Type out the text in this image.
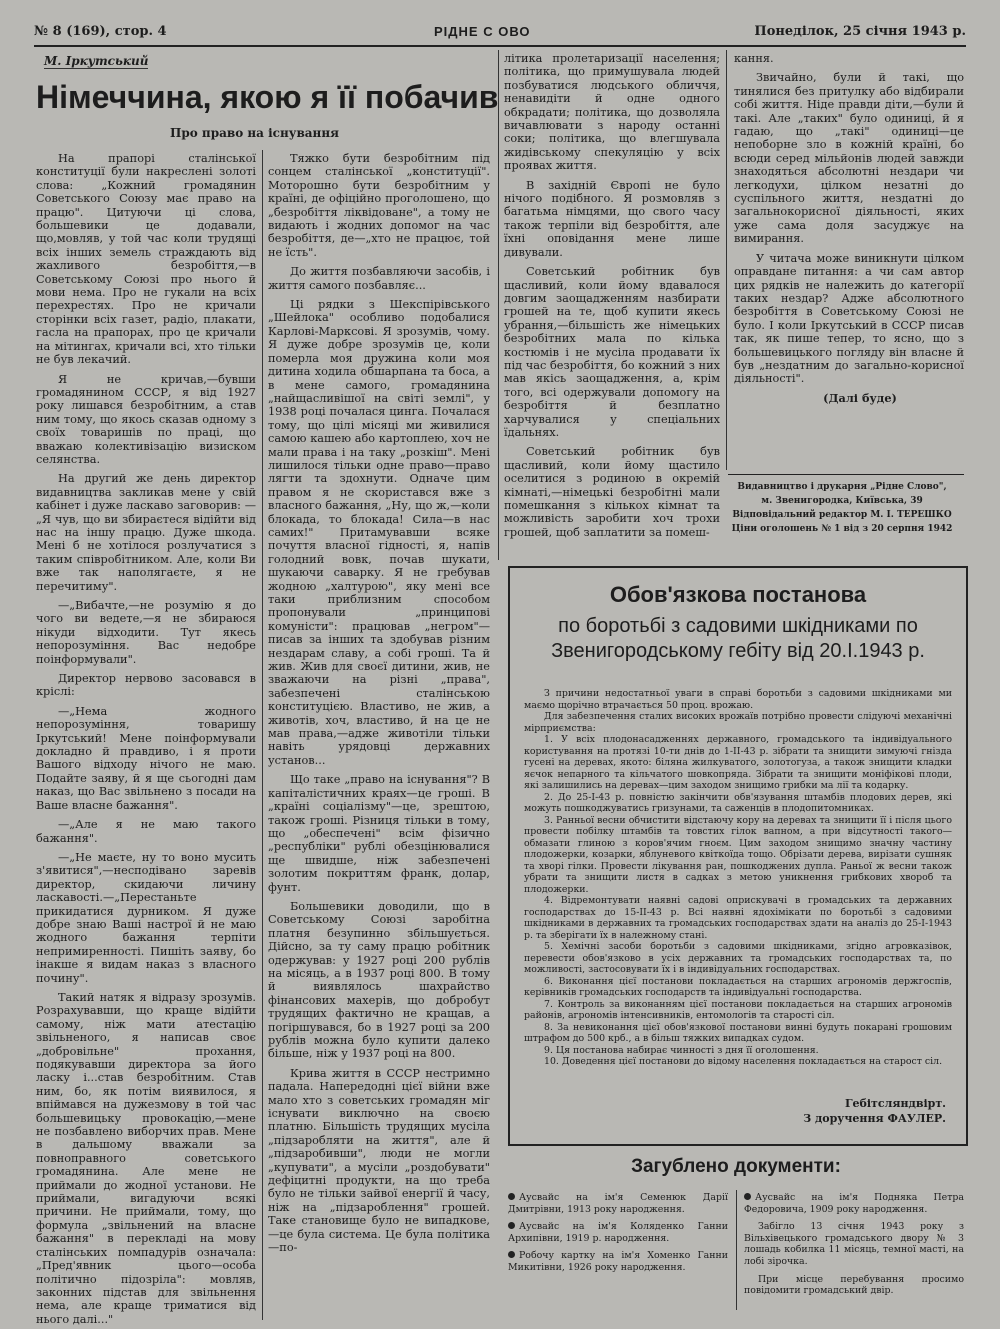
№ 8 (169), стор. 4	РІДНЕ С ОВО	Понеділок, 25 січня 1943 р.
М. Іркутський
Німеччина, якою я її побачив
Про право на існування

На прапорі сталінської конституції були накреслені золоті слова: „Кожний громадянин Советського Союзу має право на працю". Цитуючи ці слова, большевики це додавали, що,мовляв, у той час коли трудящі всіх інших земель страждають від жахливого безробіття,—в Советському Союзі про нього й мови нема. Про не гукали на всіх перехрестях. Про не кричали сторінки всіх газет, радіо, плакати, гасла на прапорах, про це кричали на мітингах, кричали всі, хто тільки не був лекачий.

Я не кричав,—бувши громадянином СССР, я від 1927 року лишався безробітним, а став ним тому, що якось сказав одному з своїх товаришів по праці, що вважаю колективізацію визиском селянства.

На другий же день директор видавництва закликав мене у свій кабінет і дуже ласкаво заговорив: —„Я чув, що ви збираєтеся відійти від нас на іншу працю. Дуже шкода. Мені б не хотілося розлучатися з таким співробітником. Але, коли Ви вже так наполягаєте, я не перечитиму".

—„Вибачте,—не розумію я до чого ви ведете,—я не збираюся нікуди відходити. Тут якесь непорозуміння. Вас недобре поінформували".

Директор нервово засовався в кріслі:

—„Нема жодного непорозуміння, товаришу Іркутський! Мене поінформували докладно й правдиво, і я проти Вашого відходу нічого не маю. Подайте заяву, й я ще сьогодні дам наказ, що Вас звільнено з посади на Ваше власне бажання".

—„Але я не маю такого бажання".

—„Не маєте, ну то воно мусить з'явитися",—несподівано заревів директор, скидаючи личину ласкавості.—„Перестаньте прикидатися дурником. Я дуже добре знаю Ваші настрої й не маю жодного бажання терпіти непримиренності. Пишіть заяву, бо інакше я видам наказ з власного почину".

Такий натяк я відразу зрозумів. Розрахувавши, що краще відійти самому, ніж мати атестацію звільненого, я написав своє „добровільне" прохання, подякувавши директора за його ласку і...став безробітним. Став ним, бо, як потім виявилося, я впіймався на дужезмову в той час большевицьку провокацію,—мене не позбавлено виборчих прав. Мене в дальшому вважали за повноправного советського громадянина. Але мене не приймали до жодної установи. Не приймали, вигадуючи всякі причини. Не приймали, тому, що формула „звільнений на власне бажання" в перекладі на мову сталінських помпадурів означала: „Пред'явник цього—особа політично підозріла": мовляв, законних підстав для звільнення нема, але краще триматися від нього далі..."

Тяжко бути безробітним під сонцем сталінської „конституції". Моторошно бути безробітним у країні, де офіційно проголошено, що „безробіття ліквідоване", а тому не видають і жодних допомог на час безробіття, де—„хто не працює, той не їсть".

До життя позбавляючи засобів, і життя самого позбавляє...

Ці рядки з Шекспірівського „Шейлока" особливо подобалися Карлові-Марксові. Я зрозумів, чому. Я дуже добре зрозумів це, коли померла моя дружина коли моя дитина ходила обшарпана та боса, а в мене самого, громадянина „найщасливішої на світі землі", у 1938 році почалася цинга. Почалася тому, що цілі місяці ми живилися самою кашею або картоплею, хоч не мали права і на таку „розкіш". Мені лишилося тільки одне право—право лягти та здохнути. Одначе цим правом я не скористався вже з власного бажання, „Ну, що ж,—коли блокада, то блокада! Сила—в нас самих!" Притамувавши всяке почуття власної гідності, я, напів голодний вовк, почав шукати, шукаючи саварку. Я не гребував жодною „халтурою", яку мені все таки приблизним способом пропонували „принципові комуністи": працював „негром"—писав за інших та здобував різним нездарам славу, а собі гроші. Та й жив. Жив для своєї дитини, жив, не зважаючи на різні „права", забезпечені сталінською конституцією. Властиво, не жив, а животів, хоч, властиво, й на це не мав права,—адже животіли тільки навіть урядовці державних установ...

Що таке „право на існування"? В капіталістичних краях—це гроші. В „країні соціалізму"—це, зрештою, також гроші. Різниця тільки в тому, що „обеспечені" всім фізично „республіки" рублі обезцінювалися ще швидше, ніж забезпечені золотим покриттям франк, долар, фунт.

Большевики доводили, що в Советському Союзі заробітна платня безупинно збільшується. Дійсно, за ту саму працю робітник одержував: у 1927 році 200 рублів на місяць, а в 1937 році 800. В тому й виявлялось шахрайство фінансових махерів, що добробут трудящих фактично не кращав, а погіршувався, бо в 1927 році за 200 рублів можна було купити далеко більше, ніж у 1937 році на 800.

Крива життя в СССР нестримно падала. Напередодні цієї війни вже мало хто з советських громадян міг існувати виключно на своєю платню. Більшість трудящих мусіла „підзаробляти на життя", але й „підзаробивши", люди не могли „купувати", а мусіли „роздобувати" дефіцитні продукти, на що треба було не тільки зайвої енергії й часу, ніж на „підзароблення" грошей. Таке становище було не випадкове,—це була система. Це була політика—по-

літика пролетаризації населення; політика, що примушувала людей позбуватися людського обличчя, ненавидіти й одне одного обкрадати; політика, що дозволяла вичавлювати з народу останні соки; політика, що влегшувала жидівському спекуляцію у всіх проявах життя.

В західній Європі не було нічого подібного. Я розмовляв з багатьма німцями, що свого часу також терпіли від безробіття, але їхні оповідання мене лише дивували.

Советський робітник був щасливий, коли йому вдавалося довгим заощадженням назбирати грошей на те, щоб купити якесь убрання,—більшість же німецьких безробітних мала по кілька костюмів і не мусіла продавати їх під час безробіття, бо кожний з них мав якісь заощадження, а, крім того, всі одержували допомогу на безробіття й безплатно харчувалися у спеціальних їдальнях.

Советський робітник був щасливий, коли йому щастило оселитися з родиною в окремій кімнаті,—німецькі безробітні мали помешкання з кількох кімнат та можливість заробити хоч трохи грошей, щоб заплатити за помеш-

кання.

Звичайно, були й такі, що тинялися без притулку або відбирали собі життя. Ніде правди діти,—були й такі. Але „таких" було одиниці, й я гадаю, що „такі" одиниці—це непоборне зло в кожній країні, бо всюди серед мільйонів людей завжди знаходяться абсолютні нездари чи легкодухи, цілком незатні до суспільного життя, нездатні до загальнокорисної діяльності, яких уже сама доля засуджує на вимирання.

У читача може виникнути цілком оправдане питання: а чи сам автор цих рядків не належить до категорії таких нездар? Адже абсолютного безробіття в Советському Союзі не було. І коли Іркутський в СССР писав так, як пише тепер, то ясно, що з большевицького погляду він власне й був „нездатним до загально-корисної діяльності".

(Далі буде)

Видавництво і друкарня „Рідне Слово",
м. Звенигородка, Київська, 39
Відповідальний редактор М. І. ТЕРЕШКО
Ціни оголошень № 1 від з 20 серпня 1942
Обов'язкова постанова
по боротьбі з садовими шкідниками по Звенигородському гебіту від 20.І.1943 р.

З причини недостатньої уваги в справі боротьби з садовими шкідниками ми маємо щорічно втрачається 50 проц. врожаю.

Для забезпечення сталих високих врожаїв потрібно провести слідуючі механічні мірприємства:

1. У всіх плодонасадженнях державного, громадського та індивідуального користування на протязі 10-ти днів до 1-ІІ-43 р. зібрати та знищити зимуючі гнізда гусені на деревах, якото: біляна жилкуватого, золотогуза, а також знищити кладки яєчок непарного та кільчатого шовкопряда. Зібрати та знищити моніфікові плоди, які залишились на деревах—цим заходом знищимо грибки ма лії та кодарку.

2. До 25-І-43 р. повністю закінчити обв'язування штамбів плодових дерев, які можуть пошкоджуватись гризунами, та саженців в плодопитомниках.

3. Ранньої весни обчистити відстаючу кору на деревах та знищити її і після цього провести побілку штамбів та товстих гілок вапном, а при відсутності такого—обмазати глиною з коров'ячим гноєм. Цим заходом знищимо значну частину плодожерки, козарки, яблуневого квіткоїда тощо. Обрізати дерева, вирізати сушняк та хворі гілки. Провести лікування ран, пошкоджених дупла. Раньої ж весни також убрати та знищити листя в садках з метою уникнення грибкових хвороб та плодожерки.

4. Відремонтувати наявні садові оприскувачі в громадських та державних господарствах до 15-ІІ-43 р. Всі наявні ядохімікати по боротьбі з садовими шкідниками в державних та громадських господарствах здати на аналіз до 25-І-1943 р. та зберігати їх в належному стані.

5. Хемічні засоби боротьби з садовими шкідниками, згідно агровказівок, перевести обов'язково в усіх державних та громадських господарствах та, по можливості, застосовувати їх і в індивідуальних господарствах.

6. Виконання цієї постанови покладається на старших агрономів держгоспів, керівників громадських господарств та індивідуальні господарства.

7. Контроль за виконанням цієї постанови покладається на старших агрономів районів, агрономів інтенсивників, ентомологів та старості сіл.

8. За невиконання цієї обов'язкової постанови винні будуть покарані грошовим штрафом до 500 крб., а в більш тяжких випадках судом.

9. Ця постанова набирає чинності з дня її оголошення.

10. Доведення цієї постанови до відому населення покладається на старост сіл.

Гебітсляндвірт.
З доручення ФАУЛЕР.
Загублено документи:

Аусвайс на ім'я Семенюк Дарії Дмитрівни, 1913 року народження.

Аусвайс на ім'я Коляденко Ганни Архипівни, 1919 р. народження.

Робочу картку на ім'я Хоменко Ганни Микитівни, 1926 року народження.

Аусвайс на ім'я Подняка Петра Федоровича, 1909 року народження.

Забігло 13 січня 1943 року з Вільхівецького громадського двору № 3 лошадь кобилка 11 місяць, темної масті, на лобі зірочка.

При місце перебування просимо повідомити громадський двір.
